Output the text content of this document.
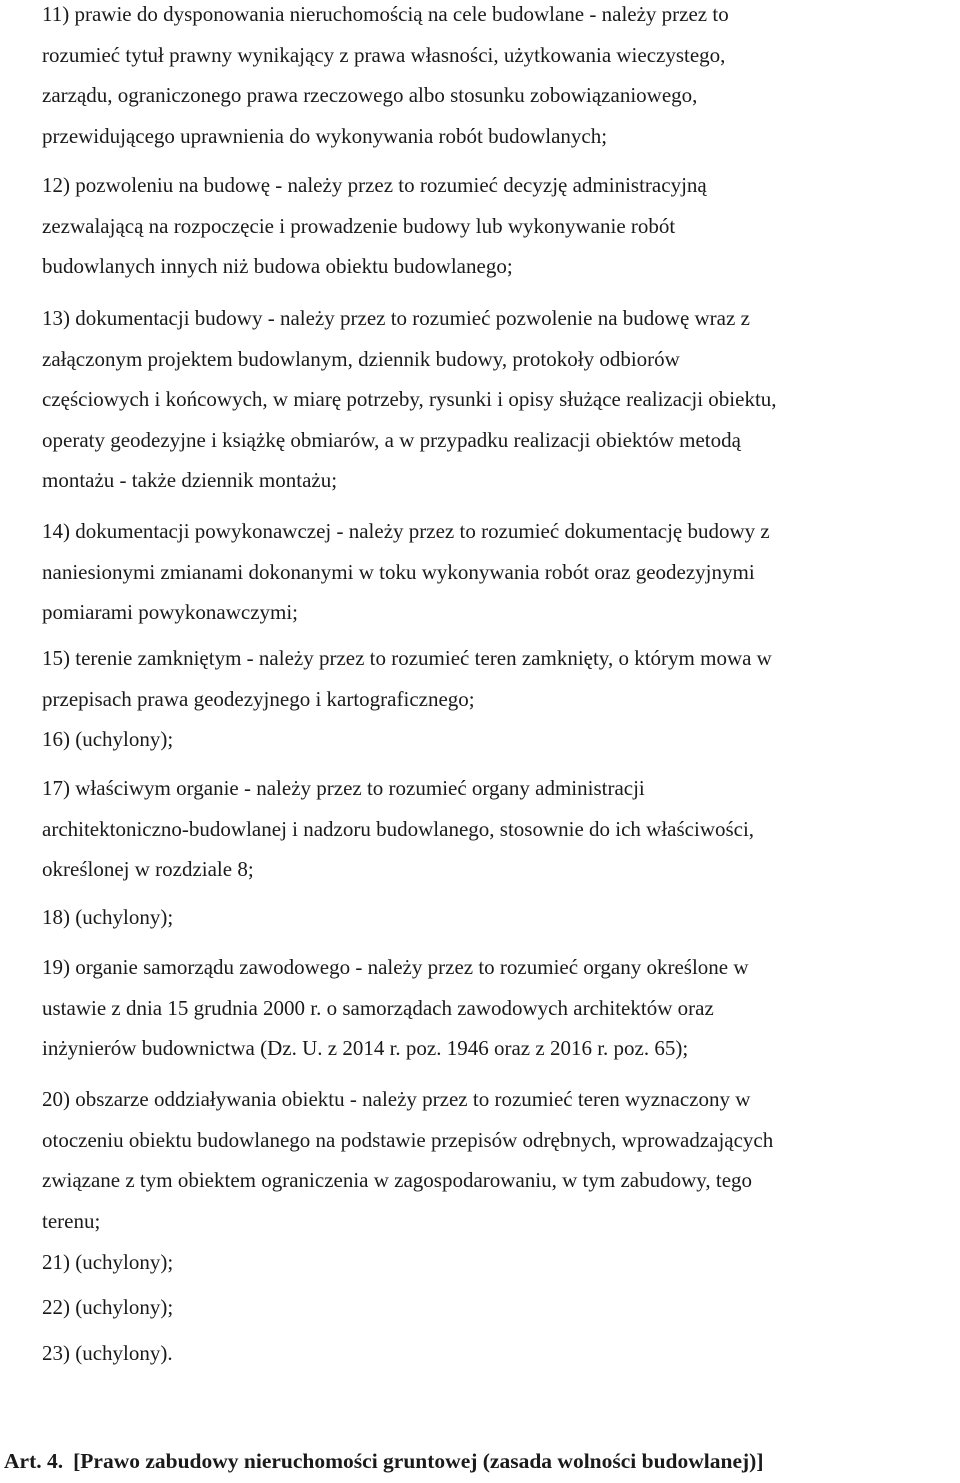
11) prawie do dysponowania nieruchomością na cele budowlane - należy przez to
rozumieć tytuł prawny wynikający z prawa własności, użytkowania wieczystego,
zarządu, ograniczonego prawa rzeczowego albo stosunku zobowiązaniowego,
przewidującego uprawnienia do wykonywania robót budowlanych;
12) pozwoleniu na budowę - należy przez to rozumieć decyzję administracyjną
zezwalającą na rozpoczęcie i prowadzenie budowy lub wykonywanie robót
budowlanych innych niż budowa obiektu budowlanego;
13) dokumentacji budowy - należy przez to rozumieć pozwolenie na budowę wraz z
załączonym projektem budowlanym, dziennik budowy, protokoły odbiorów
częściowych i końcowych, w miarę potrzeby, rysunki i opisy służące realizacji obiektu,
operaty geodezyjne i książkę obmiarów, a w przypadku realizacji obiektów metodą
montażu - także dziennik montażu;
14) dokumentacji powykonawczej - należy przez to rozumieć dokumentację budowy z
naniesionymi zmianami dokonanymi w toku wykonywania robót oraz geodezyjnymi
pomiarami powykonawczymi;
15) terenie zamkniętym - należy przez to rozumieć teren zamknięty, o którym mowa w
przepisach prawa geodezyjnego i kartograficznego;
16) (uchylony);
17) właściwym organie - należy przez to rozumieć organy administracji
architektoniczno-budowlanej i nadzoru budowlanego, stosownie do ich właściwości,
określonej w rozdziale 8;
18) (uchylony);
19) organie samorządu zawodowego - należy przez to rozumieć organy określone w
ustawie z dnia 15 grudnia 2000 r. o samorządach zawodowych architektów oraz
inżynierów budownictwa (Dz. U. z 2014 r. poz. 1946 oraz z 2016 r. poz. 65);
20) obszarze oddziaływania obiektu - należy przez to rozumieć teren wyznaczony w
otoczeniu obiektu budowlanego na podstawie przepisów odrębnych, wprowadzających
związane z tym obiektem ograniczenia w zagospodarowaniu, w tym zabudowy, tego
terenu;
21) (uchylony);
22) (uchylony);
23) (uchylony).
Art. 4. [Prawo zabudowy nieruchomości gruntowej (zasada wolności budowlanej)]
